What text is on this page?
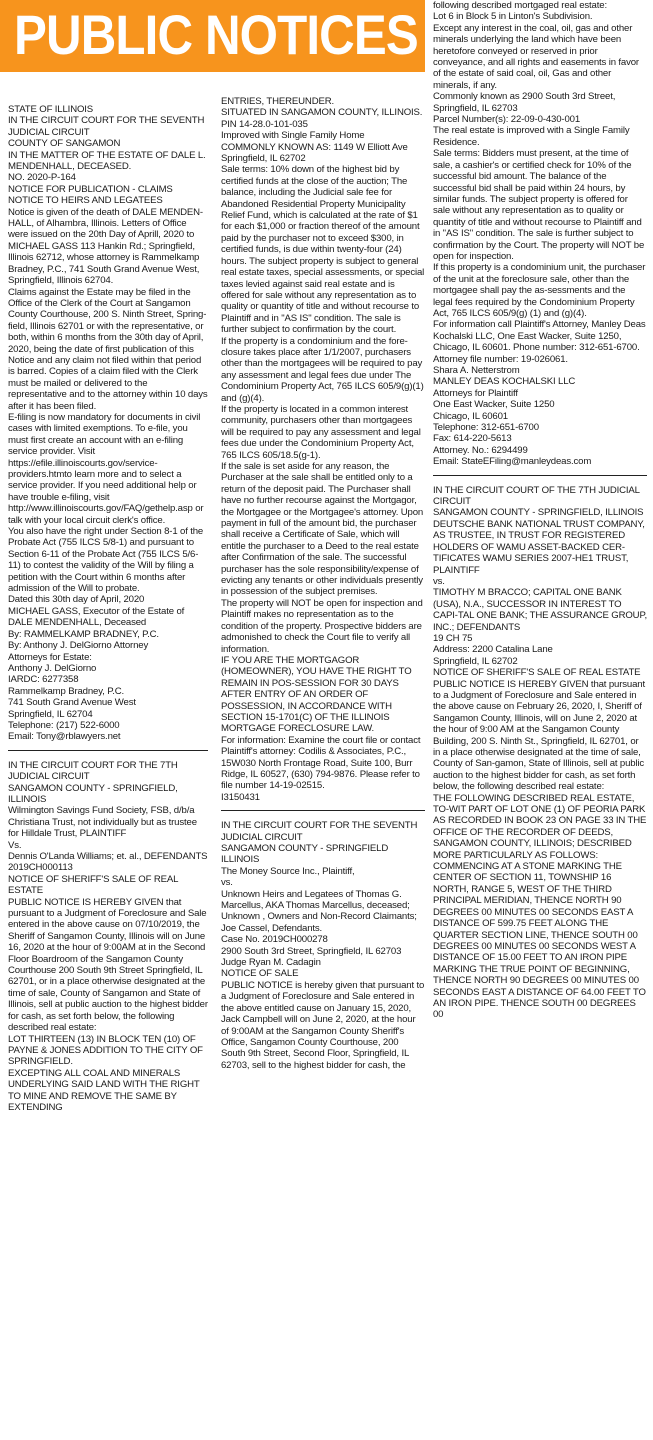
PUBLIC NOTICES

STATE OF ILLINOIS

IN THE CIRCUIT COURT FOR THE SEVENTH JUDICIAL CIRCUIT

COUNTY OF SANGAMON

IN THE MATTER OF THE ESTATE OF DALE L. MENDENHALL, DECEASED.

NO. 2020-P-164

NOTICE FOR PUBLICATION - CLAIMS

NOTICE TO HEIRS AND LEGATEES

Notice is given of the death of DALE MENDEN-HALL, of Alhambra, Illinois. Letters of Office were issued on the 20th Day of Aprill, 2020 to MICHAEL GASS 113 Hankin Rd.; Springfield, Illinois 62712, whose attorney is Rammelkamp Bradney, P.C., 741 South Grand Avenue West, Springfield, Illinois 62704.

Claims against the Estate may be filed in the Office of the Clerk of the Court at Sangamon County Courthouse, 200 S. Ninth Street, Spring-field, Illinois 62701 or with the representative, or both, within 6 months from the 30th day of April, 2020, being the date of first publication of this Notice and any claim not filed within that period is barred. Copies of a claim filed with the Clerk must be mailed or delivered to the representative and to the attorney within 10 days after it has been filed.

E-filing is now mandatory for documents in civil cases with limited exemptions. To e-file, you must first create an account with an e-filing service provider. Visit https://efile.illinoiscourts.gov/service-providers.htmto learn more and to select a service provider. If you need additional help or have trouble e-filing, visit http://www.illinoiscourts.gov/FAQ/gethelp.asp or talk with your local circuit clerk's office.

You also have the right under Section 8-1 of the Probate Act (755 ILCS 5/8-1) and pursuant to Section 6-11 of the Probate Act (755 ILCS 5/6-11) to contest the validity of the Will by filing a petition with the Court within 6 months after admission of the Will to probate.

Dated this 30th day of April, 2020

MICHAEL GASS, Executor of the Estate of DALE MENDENHALL, Deceased

By: RAMMELKAMP BRADNEY, P.C.

By: Anthony J. DelGiorno Attorney

Attorneys for Estate:

Anthony J. DelGiorno

IARDC: 6277358

Rammelkamp Bradney, P.C.

741 South Grand Avenue West

Springfield, IL 62704

Telephone: (217) 522-6000

Email: Tony@rblawyers.net

IN THE CIRCUIT COURT FOR THE 7TH JUDICIAL CIRCUIT

SANGAMON COUNTY - SPRINGFIELD, ILLINOIS

Wilmington Savings Fund Society, FSB, d/b/a Christiana Trust, not individually but as trustee for Hilldale Trust, PLAINTIFF

Vs.

Dennis O'Landa Williams; et. al., DEFENDANTS

2019CH000113

NOTICE OF SHERIFF'S SALE OF REAL ESTATE

PUBLIC NOTICE IS HEREBY GIVEN that pursuant to a Judgment of Foreclosure and Sale entered in the above cause on 07/10/2019, the Sheriff of Sangamon County, Illinois will on June 16, 2020 at the hour of 9:00AM at in the Second Floor Boardroom of the Sangamon County Courthouse 200 South 9th Street Springfield, IL 62701, or in a place otherwise designated at the time of sale, County of Sangamon and State of Illinois, sell at public auction to the highest bidder for cash, as set forth below, the following described real estate:

LOT THIRTEEN (13) IN BLOCK TEN (10) OF PAYNE & JONES ADDITION TO THE CITY OF SPRINGFIELD.

EXCEPTING ALL COAL AND MINERALS UNDERLYING SAID LAND WITH THE RIGHT TO MINE AND REMOVE THE SAME BY EXTENDING

ENTRIES, THEREUNDER.

SITUATED IN SANGAMON COUNTY, ILLINOIS.

PIN 14-28.0-101-035

Improved with Single Family Home

COMMONLY KNOWN AS: 1149 W Elliott Ave Springfield, IL 62702

Sale terms: 10% down of the highest bid by certified funds at the close of the auction; The balance, including the Judicial sale fee for Abandoned Residential Property Municipality Relief Fund, which is calculated at the rate of $1 for each $1,000 or fraction thereof of the amount paid by the purchaser not to exceed $300, in certified funds, is due within twenty-four (24) hours. The subject property is subject to general real estate taxes, special assessments, or special taxes levied against said real estate and is offered for sale without any representation as to quality or quantity of title and without recourse to Plaintiff and in "AS IS" condition. The sale is further subject to confirmation by the court.

If the property is a condominium and the fore-closure takes place after 1/1/2007, purchasers other than the mortgagees will be required to pay any assessment and legal fees due under The Condominium Property Act, 765 ILCS 605/9(g)(1) and (g)(4).

If the property is located in a common interest community, purchasers other than mortgagees will be required to pay any assessment and legal fees due under the Condominium Property Act, 765 ILCS 605/18.5(g-1).

If the sale is set aside for any reason, the Purchaser at the sale shall be entitled only to a return of the deposit paid. The Purchaser shall have no further recourse against the Mortgagor, the Mortgagee or the Mortgagee's attorney. Upon payment in full of the amount bid, the purchaser shall receive a Certificate of Sale, which will entitle the purchaser to a Deed to the real estate after Confirmation of the sale. The successful purchaser has the sole responsibility/expense of evicting any tenants or other individuals presently in possession of the subject premises.

The property will NOT be open for inspection and Plaintiff makes no representation as to the condition of the property. Prospective bidders are admonished to check the Court file to verify all information.

IF YOU ARE THE MORTGAGOR (HOMEOWNER), YOU HAVE THE RIGHT TO REMAIN IN POS-SESSION FOR 30 DAYS AFTER ENTRY OF AN ORDER OF POSSESSION, IN ACCORDANCE WITH SECTION 15-1701(C) OF THE ILLINOIS MORTGAGE FORECLOSURE LAW.

For information: Examine the court file or contact Plaintiff's attorney: Codilis & Associates, P.C., 15W030 North Frontage Road, Suite 100, Burr Ridge, IL 60527, (630) 794-9876. Please refer to file number 14-19-02515.

I3150431

IN THE CIRCUIT COURT FOR THE SEVENTH JUDICIAL CIRCUIT

SANGAMON COUNTY - SPRINGFIELD ILLINOIS

The Money Source Inc., Plaintiff,

vs.

Unknown Heirs and Legatees of Thomas G. Marcellus, AKA Thomas Marcellus, deceased; Unknown , Owners and Non-Record Claimants; Joe Cassel, Defendants.

Case No. 2019CH000278

2900 South 3rd Street, Springfield, IL 62703

Judge Ryan M. Cadagin

NOTICE OF SALE

PUBLIC NOTICE is hereby given that pursuant to a Judgment of Foreclosure and Sale entered in the above entitled cause on January 15, 2020, Jack Campbell will on June 2, 2020, at the hour of 9:00AM at the Sangamon County Sheriff's Office, Sangamon County Courthouse, 200 South 9th Street, Second Floor, Springfield, IL 62703, sell to the highest bidder for cash, the

following described mortgaged real estate:

Lot 6 in Block 5 in Linton's Subdivision.

Except any interest in the coal, oil, gas and other minerals underlying the land which have been heretofore conveyed or reserved in prior conveyance, and all rights and easements in favor of the estate of said coal, oil, Gas and other minerals, if any.

Commonly known as 2900 South 3rd Street, Springfield, IL 62703

Parcel Number(s): 22-09-0-430-001

The real estate is improved with a Single Family Residence.

Sale terms: Bidders must present, at the time of sale, a cashier's or certified check for 10% of the successful bid amount. The balance of the successful bid shall be paid within 24 hours, by similar funds. The subject property is offered for sale without any representation as to quality or quantity of title and without recourse to Plaintiff and in "AS IS" condition. The sale is further subject to confirmation by the Court. The property will NOT be open for inspection.

If this property is a condominium unit, the purchaser of the unit at the foreclosure sale, other than the mortgagee shall pay the as-sessments and the legal fees required by the Condominium Property Act, 765 ILCS 605/9(g) (1) and (g)(4).

For information call Plaintiff's Attorney, Manley Deas Kochalski LLC, One East Wacker, Suite 1250, Chicago, IL 60601. Phone number: 312-651-6700. Attorney file number: 19-026061.

Shara A. Netterstrom

MANLEY DEAS KOCHALSKI LLC

Attorneys for Plaintiff

One East Wacker, Suite 1250

Chicago, IL 60601

Telephone: 312-651-6700

Fax: 614-220-5613

Attorney. No.: 6294499

Email: StateEFiling@manleydeas.com

IN THE CIRCUIT COURT OF THE 7TH JUDICIAL CIRCUIT

SANGAMON COUNTY - SPRINGFIELD, ILLINOIS

DEUTSCHE BANK NATIONAL TRUST COMPANY, AS TRUSTEE, IN TRUST FOR REGISTERED HOLDERS OF WAMU ASSET-BACKED CER-TIFICATES WAMU SERIES 2007-HE1 TRUST, PLAINTIFF

vs.

TIMOTHY M BRACCO; CAPITAL ONE BANK (USA), N.A., SUCCESSOR IN INTEREST TO CAPI-TAL ONE BANK; THE ASSURANCE GROUP, INC.; DEFENDANTS

19 CH 75

Address: 2200 Catalina Lane

Springfield, IL 62702

NOTICE OF SHERIFF'S SALE OF REAL ESTATE

PUBLIC NOTICE IS HEREBY GIVEN that pursuant to a Judgment of Foreclosure and Sale entered in the above cause on February 26, 2020, I, Sheriff of Sangamon County, Illinois, will on June 2, 2020 at the hour of 9:00 AM at the Sangamon County Building, 200 S. Ninth St., Springfield, IL 62701, or in a place otherwise designated at the time of sale, County of San-gamon, State of Illinois, sell at public auction to the highest bidder for cash, as set forth below, the following described real estate:

THE FOLLOWING DESCRIBED REAL ESTATE, TO-WIT PART OF LOT ONE (1) OF PEORIA PARK AS RECORDED IN BOOK 23 ON PAGE 33 IN THE OFFICE OF THE RECORDER OF DEEDS, SANGAMON COUNTY, ILLINOIS; DESCRIBED MORE PARTICULARLY AS FOLLOWS: COMMENCING AT A STONE MARKING THE CENTER OF SECTION 11, TOWNSHIP 16 NORTH, RANGE 5, WEST OF THE THIRD PRINCIPAL MERIDIAN, THENCE NORTH 90 DEGREES 00 MINUTES 00 SECONDS EAST A DISTANCE OF 599.75 FEET ALONG THE QUARTER SECTION LINE, THENCE SOUTH 00 DEGREES 00 MINUTES 00 SECONDS WEST A DISTANCE OF 15.00 FEET TO AN IRON PIPE MARKING THE TRUE POINT OF BEGINNING, THENCE NORTH 90 DEGREES 00 MINUTES 00 SECONDS EAST A DISTANCE OF 64.00 FEET TO AN IRON PIPE. THENCE SOUTH 00 DEGREES 00
